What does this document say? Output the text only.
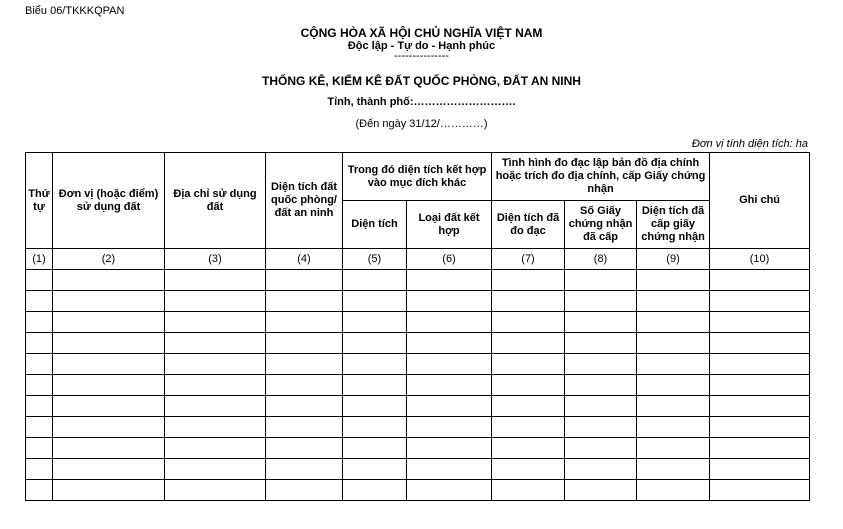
Biểu 06/TKKKQPAN
CỘNG HÒA XÃ HỘI CHỦ NGHĨA VIỆT NAM
Độc lập - Tự do - Hạnh phúc
---------------
THỐNG KÊ, KIỂM KÊ ĐẤT QUỐC PHÒNG, ĐẤT AN NINH
Tỉnh, thành phố:……………………….
(Đến ngày 31/12/…………)
Đơn vị tính diện tích: ha
Thứ tự	Đơn vị (hoặc điểm) sử dụng đất	Địa chỉ sử dụng đất	Diện tích đất quốc phòng/ đất an ninh	Trong đó diện tích kết hợp vào mục đích khác		Tình hình đo đạc lập bản đồ địa chính hoặc trích đo địa chính, cấp Giấy chứng nhận			Ghi chú
				Diện tích	Loại đất kết hợp	Diện tích đã đo đạc	Số Giấy chứng nhận đã cấp	Diện tích đã cấp giấy chứng nhận	
(1)	(2)	(3)	(4)	(5)	(6)	(7)	(8)	(9)	(10)
